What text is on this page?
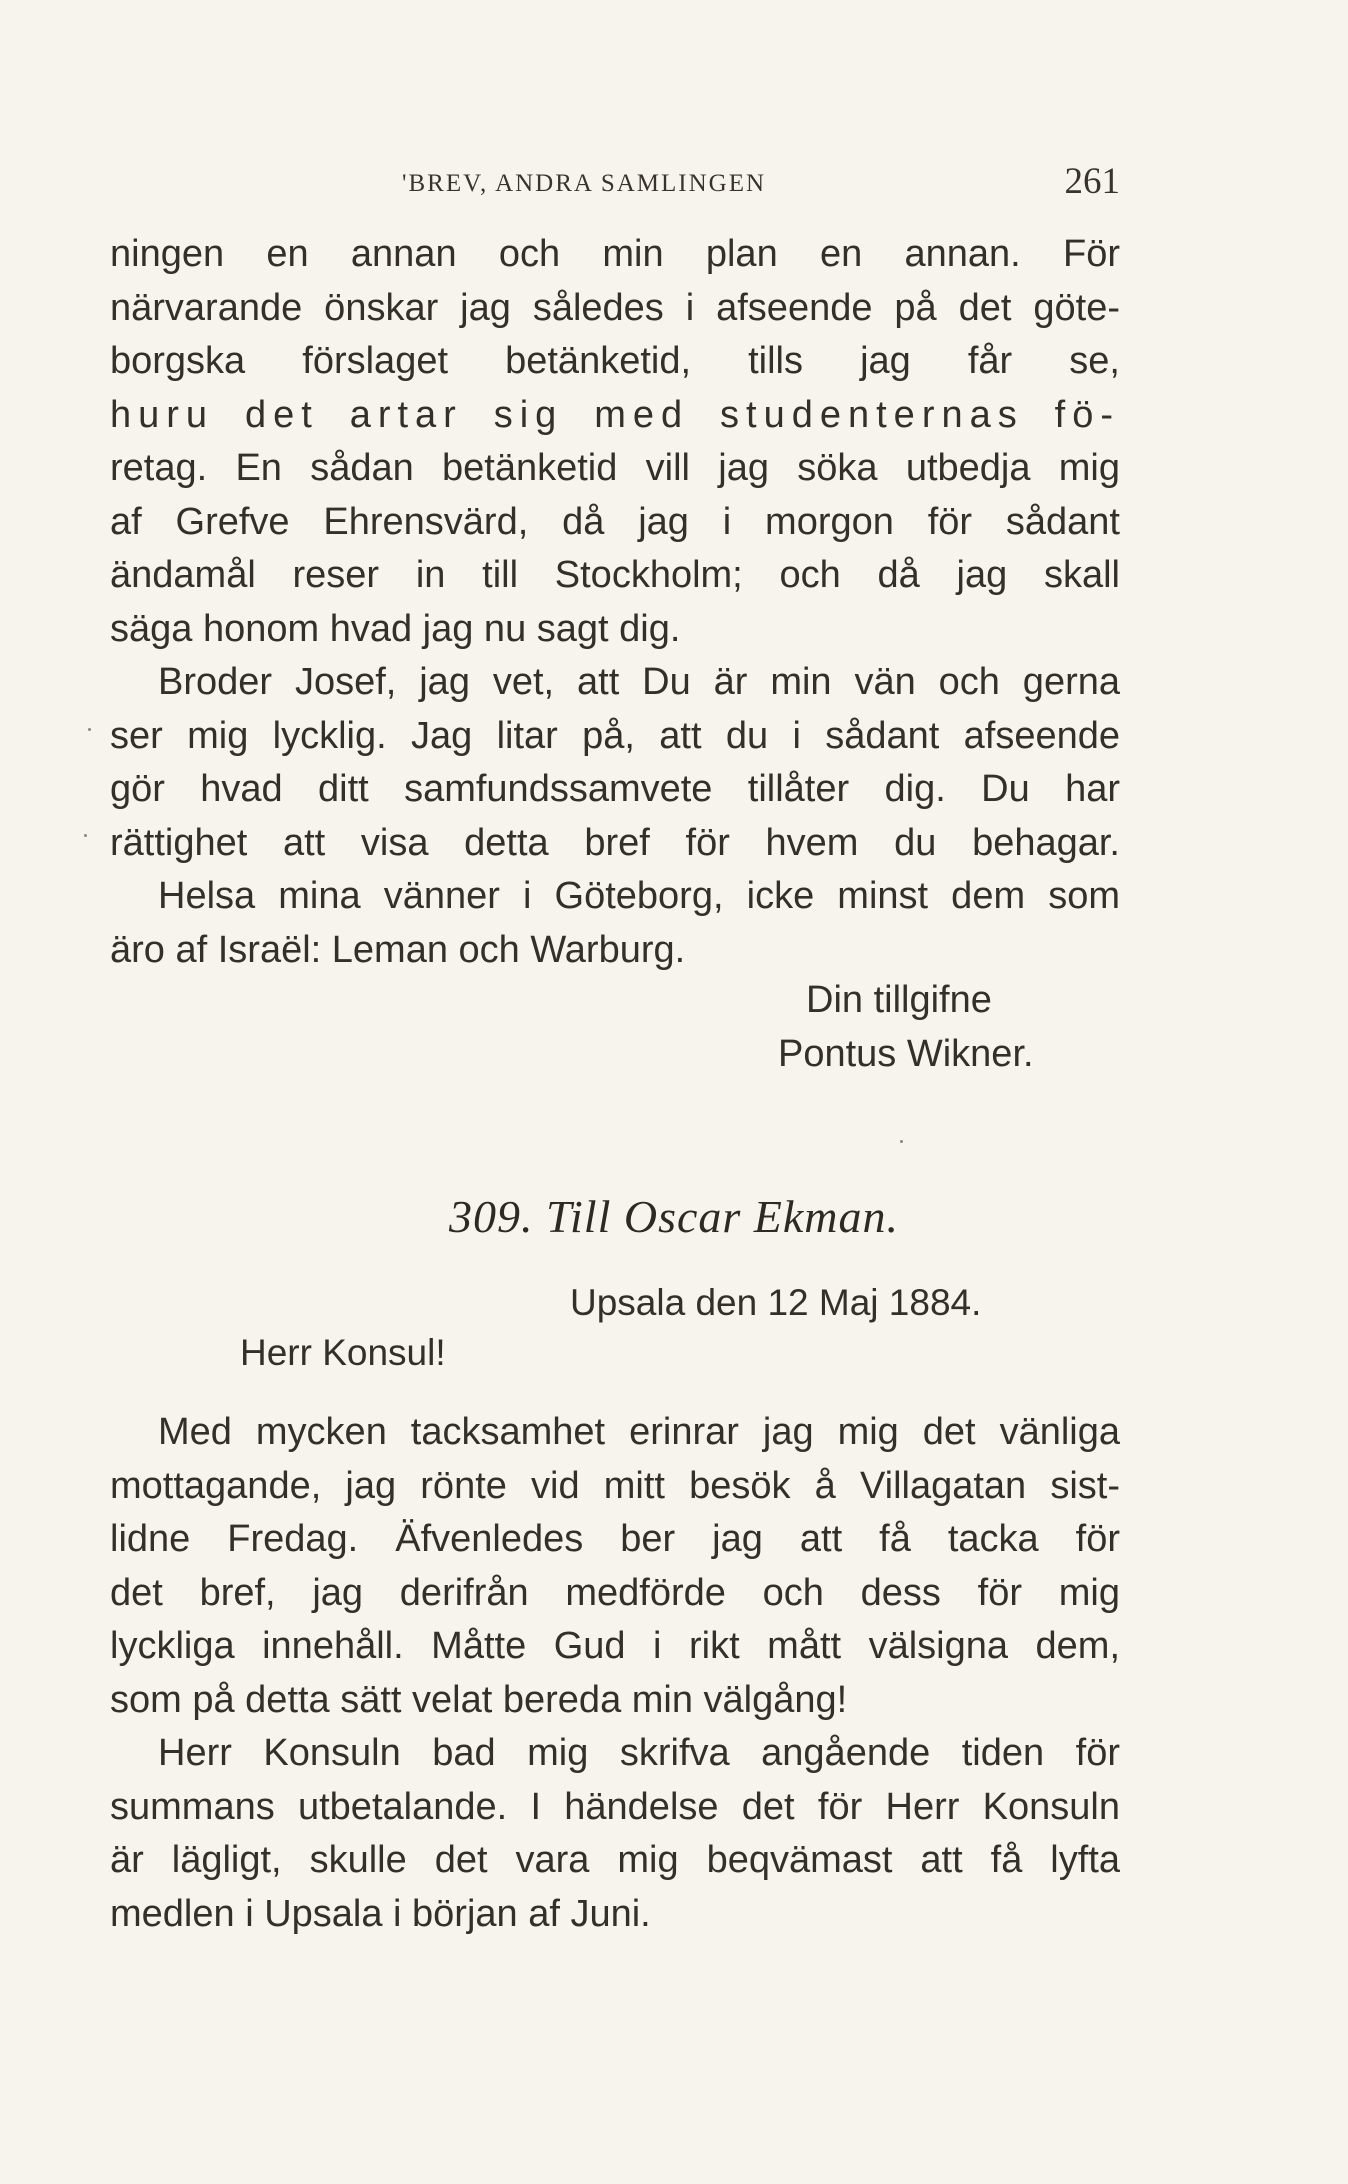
'BREV, ANDRA SAMLINGEN	261
ningen en annan och min plan en annan. För
närvarande önskar jag således i afseende på det göte-
borgska förslaget betänketid, tills jag får se,
huru det artar sig med studenternas fö-
retag. En sådan betänketid vill jag söka utbedja mig
af Grefve Ehrensvärd, då jag i morgon för sådant
ändamål reser in till Stockholm; och då jag skall
säga honom hvad jag nu sagt dig.
Broder Josef, jag vet, att Du är min vän och gerna
ser mig lycklig. Jag litar på, att du i sådant afseende
gör hvad ditt samfundssamvete tillåter dig. Du har
rättighet att visa detta bref för hvem du behagar.
Helsa mina vänner i Göteborg, icke minst dem som
äro af Israël: Leman och Warburg.
Din tillgifne
Pontus Wikner.
309. Till Oscar Ekman.
Upsala den 12 Maj 1884.
Herr Konsul!
Med mycken tacksamhet erinrar jag mig det vänliga
mottagande, jag rönte vid mitt besök å Villagatan sist-
lidne Fredag. Äfvenledes ber jag att få tacka för
det bref, jag derifrån medförde och dess för mig
lyckliga innehåll. Måtte Gud i rikt mått välsigna dem,
som på detta sätt velat bereda min välgång!
Herr Konsuln bad mig skrifva angående tiden för
summans utbetalande. I händelse det för Herr Konsuln
är lägligt, skulle det vara mig beqvämast att få lyfta
medlen i Upsala i början af Juni.
